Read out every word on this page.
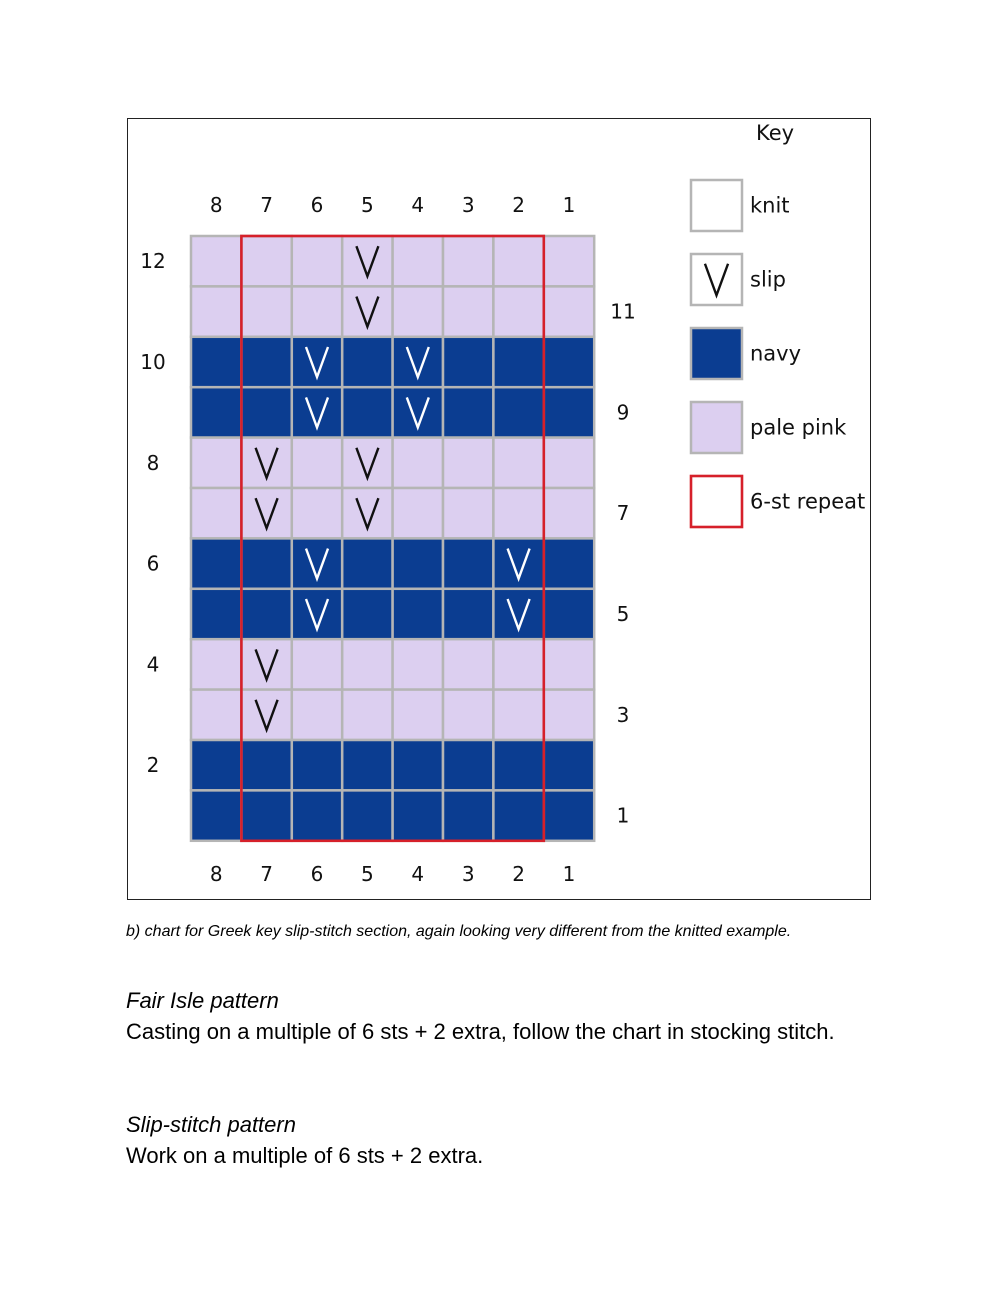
Key
8
8
7
7
6
6
5
5
4
4
3
3
2
2
1
1
12
10
8
6
4
2
11
9
7
5
3
1
knit
slip
navy
pale pink
6-st repeat
b) chart for Greek key slip-stitch section, again looking very different from the knitted example.
Fair Isle pattern
Casting on a multiple of 6 sts + 2 extra, follow the chart in stocking stitch.
Slip-stitch pattern
Work on a multiple of 6 sts + 2 extra.
